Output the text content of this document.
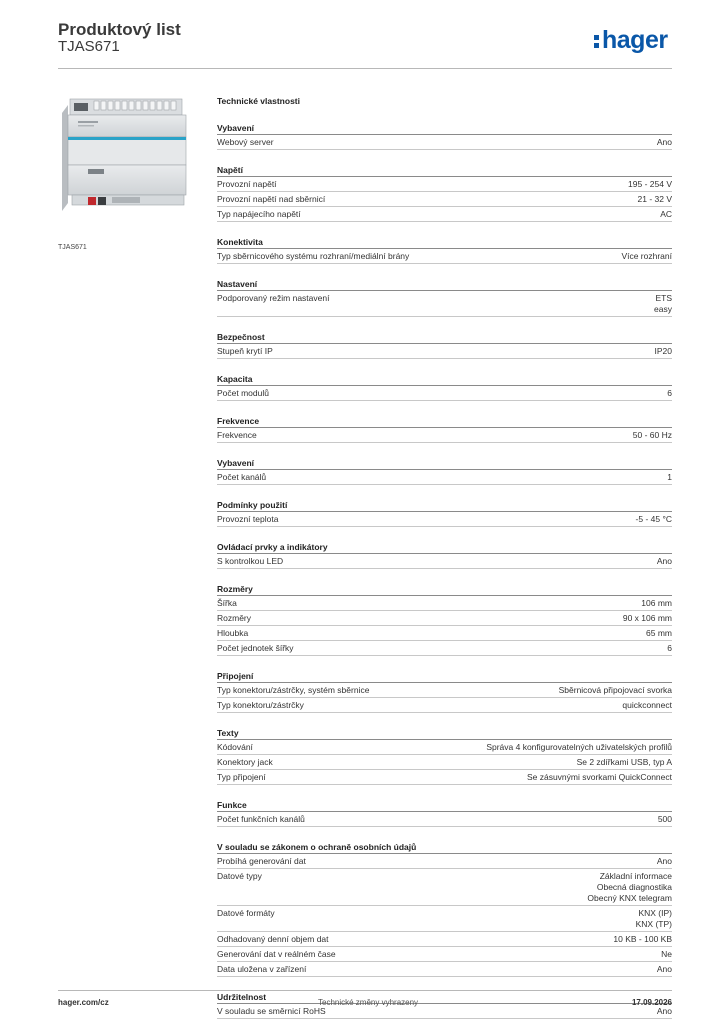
Produktový list
TJAS671	hager
TJAS671
Technické vlastnosti
Vybavení
Webový server	Ano
Napětí
Provozní napětí	195 - 254 V
Provozní napětí nad sběrnicí	21 - 32 V
Typ napájecího napětí	AC
Konektivita
Typ sběrnicového systému rozhraní/mediální brány	Více rozhraní
Nastavení
Podporovaný režim nastavení	ETS
easy
Bezpečnost
Stupeň krytí IP	IP20
Kapacita
Počet modulů	6
Frekvence
Frekvence	50 - 60 Hz
Vybavení
Počet kanálů	1
Podmínky použití
Provozní teplota	-5 - 45 °C
Ovládací prvky a indikátory
S kontrolkou LED	Ano
Rozměry
Šířka	106 mm
Rozměry	90 x 106 mm
Hloubka	65 mm
Počet jednotek šířky	6
Připojení
Typ konektoru/zástrčky, systém sběrnice	Sběrnicová připojovací svorka
Typ konektoru/zástrčky	quickconnect
Texty
Kódování	Správa 4 konfigurovatelných uživatelských profilů
Konektory jack	Se 2 zdířkami USB, typ A
Typ připojení	Se zásuvnými svorkami QuickConnect
Funkce
Počet funkčních kanálů	500
V souladu se zákonem o ochraně osobních údajů
Probíhá generování dat	Ano
Datové typy	Základní informace
Obecná diagnostika
Obecný KNX telegram
Datové formáty	KNX (IP)
KNX (TP)
Odhadovaný denní objem dat	10 KB - 100 KB
Generování dat v reálném čase	Ne
Data uložena v zařízení	Ano
Udržitelnost
V souladu se směrnicí RoHS	Ano
hager.com/cz	Technické změny vyhrazeny	17.09.2026
